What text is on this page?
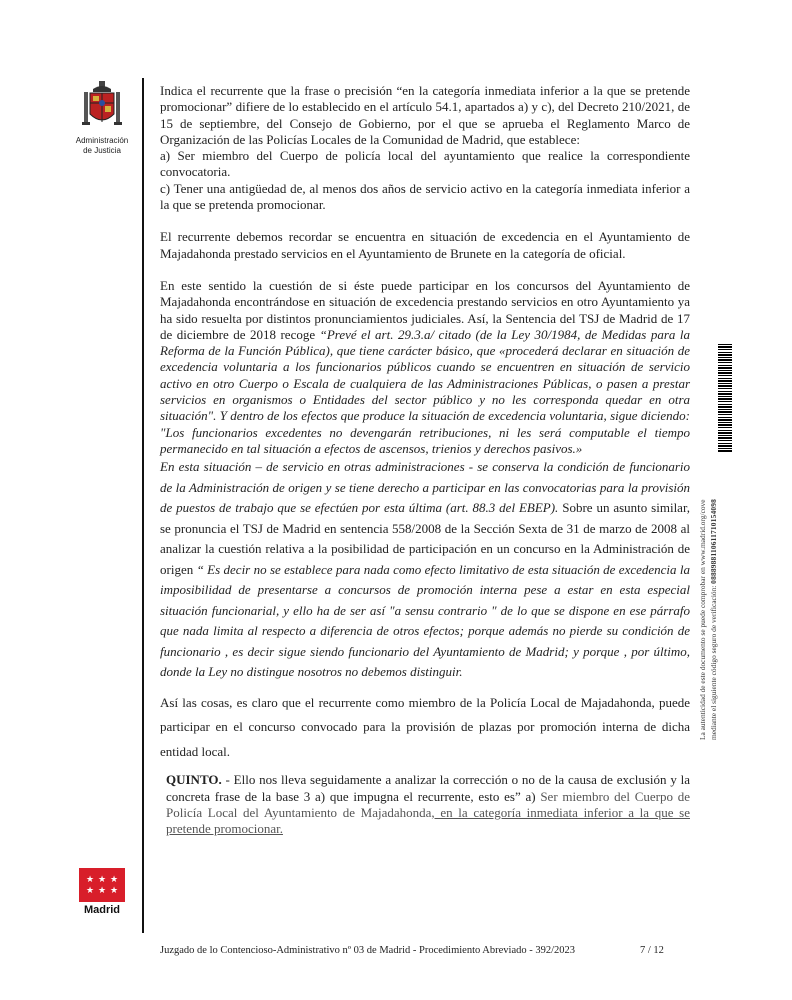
Administración
de Justicia

Indica el recurrente que la frase o precisión “en la categoría inmediata inferior a la que se pretende promocionar” difiere de lo establecido en el artículo 54.1, apartados a) y c), del Decreto 210/2021, de 15 de septiembre, del Consejo de Gobierno, por el que se aprueba el Reglamento Marco de Organización de las Policías Locales de la Comunidad de Madrid, que establece:

a) Ser miembro del Cuerpo de policía local del ayuntamiento que realice la correspondiente convocatoria.

c) Tener una antigüedad de, al menos dos años de servicio activo en la categoría inmediata inferior a la que se pretenda promocionar.

El recurrente debemos recordar se encuentra en situación de excedencia en el Ayuntamiento de Majadahonda prestado servicios en el Ayuntamiento de Brunete en la categoría de oficial.

En este sentido la cuestión de si éste puede participar en los concursos del Ayuntamiento de Majadahonda encontrándose en situación de excedencia prestando servicios en otro Ayuntamiento ya ha sido resuelta por distintos pronunciamientos judiciales. Así, la Sentencia del TSJ de Madrid de 17 de diciembre de 2018 recoge “Prevé el art. 29.3.a/ citado (de la Ley 30/1984, de Medidas para la Reforma de la Función Pública), que tiene carácter básico, que «procederá declarar en situación de excedencia voluntaria a los funcionarios públicos cuando se encuentren en situación de servicio activo en otro Cuerpo o Escala de cualquiera de las Administraciones Públicas, o pasen a prestar servicios en organismos o Entidades del sector público y no les corresponda quedar en otra situación". Y dentro de los efectos que produce la situación de excedencia voluntaria, sigue diciendo: "Los funcionarios excedentes no devengarán retribuciones, ni les será computable el tiempo permanecido en tal situación a efectos de ascensos, trienios y derechos pasivos.»

En esta situación – de servicio en otras administraciones - se conserva la condición de funcionario de la Administración de origen y se tiene derecho a participar en las convocatorias para la provisión de puestos de trabajo que se efectúen por esta última (art. 88.3 del EBEP). Sobre un asunto similar, se pronuncia el TSJ de Madrid en sentencia 558/2008 de la Sección Sexta de 31 de marzo de 2008 al analizar la cuestión relativa a la posibilidad de participación en un concurso en la Administración de origen “ Es decir no se establece para nada como efecto limitativo de esta situación de excedencia la imposibilidad de presentarse a concursos de promoción interna pese a estar en esta especial situación funcionarial, y ello ha de ser así "a sensu contrario " de lo que se dispone en ese párrafo que nada limita al respecto a diferencia de otros efectos; porque además no pierde su condición de funcionario , es decir sigue siendo funcionario del Ayuntamiento de Madrid; y porque , por último, donde la Ley no distingue nosotros no debemos distinguir.

Así las cosas, es claro que el recurrente como miembro de la Policía Local de Majadahonda, puede participar en el concurso convocado para la provisión de plazas por promoción interna de dicha entidad local.

QUINTO. - Ello nos lleva seguidamente a analizar la corrección o no de la causa de exclusión y la concreta frase de la base 3 a) que impugna el recurrente, esto es” a) Ser miembro del Cuerpo de Policía Local del Ayuntamiento de Majadahonda, en la categoría inmediata inferior a la que se pretende promocionar.

★ ★ ★
★ ★ ★
Madrid
La autenticidad de este documento se puede comprobar en www.madrid.org/cove mediante el siguiente código seguro de verificación: 0888988110611710154098
Juzgado de lo Contencioso-Administrativo nº 03 de Madrid - Procedimiento Abreviado - 392/2023	7 / 12
